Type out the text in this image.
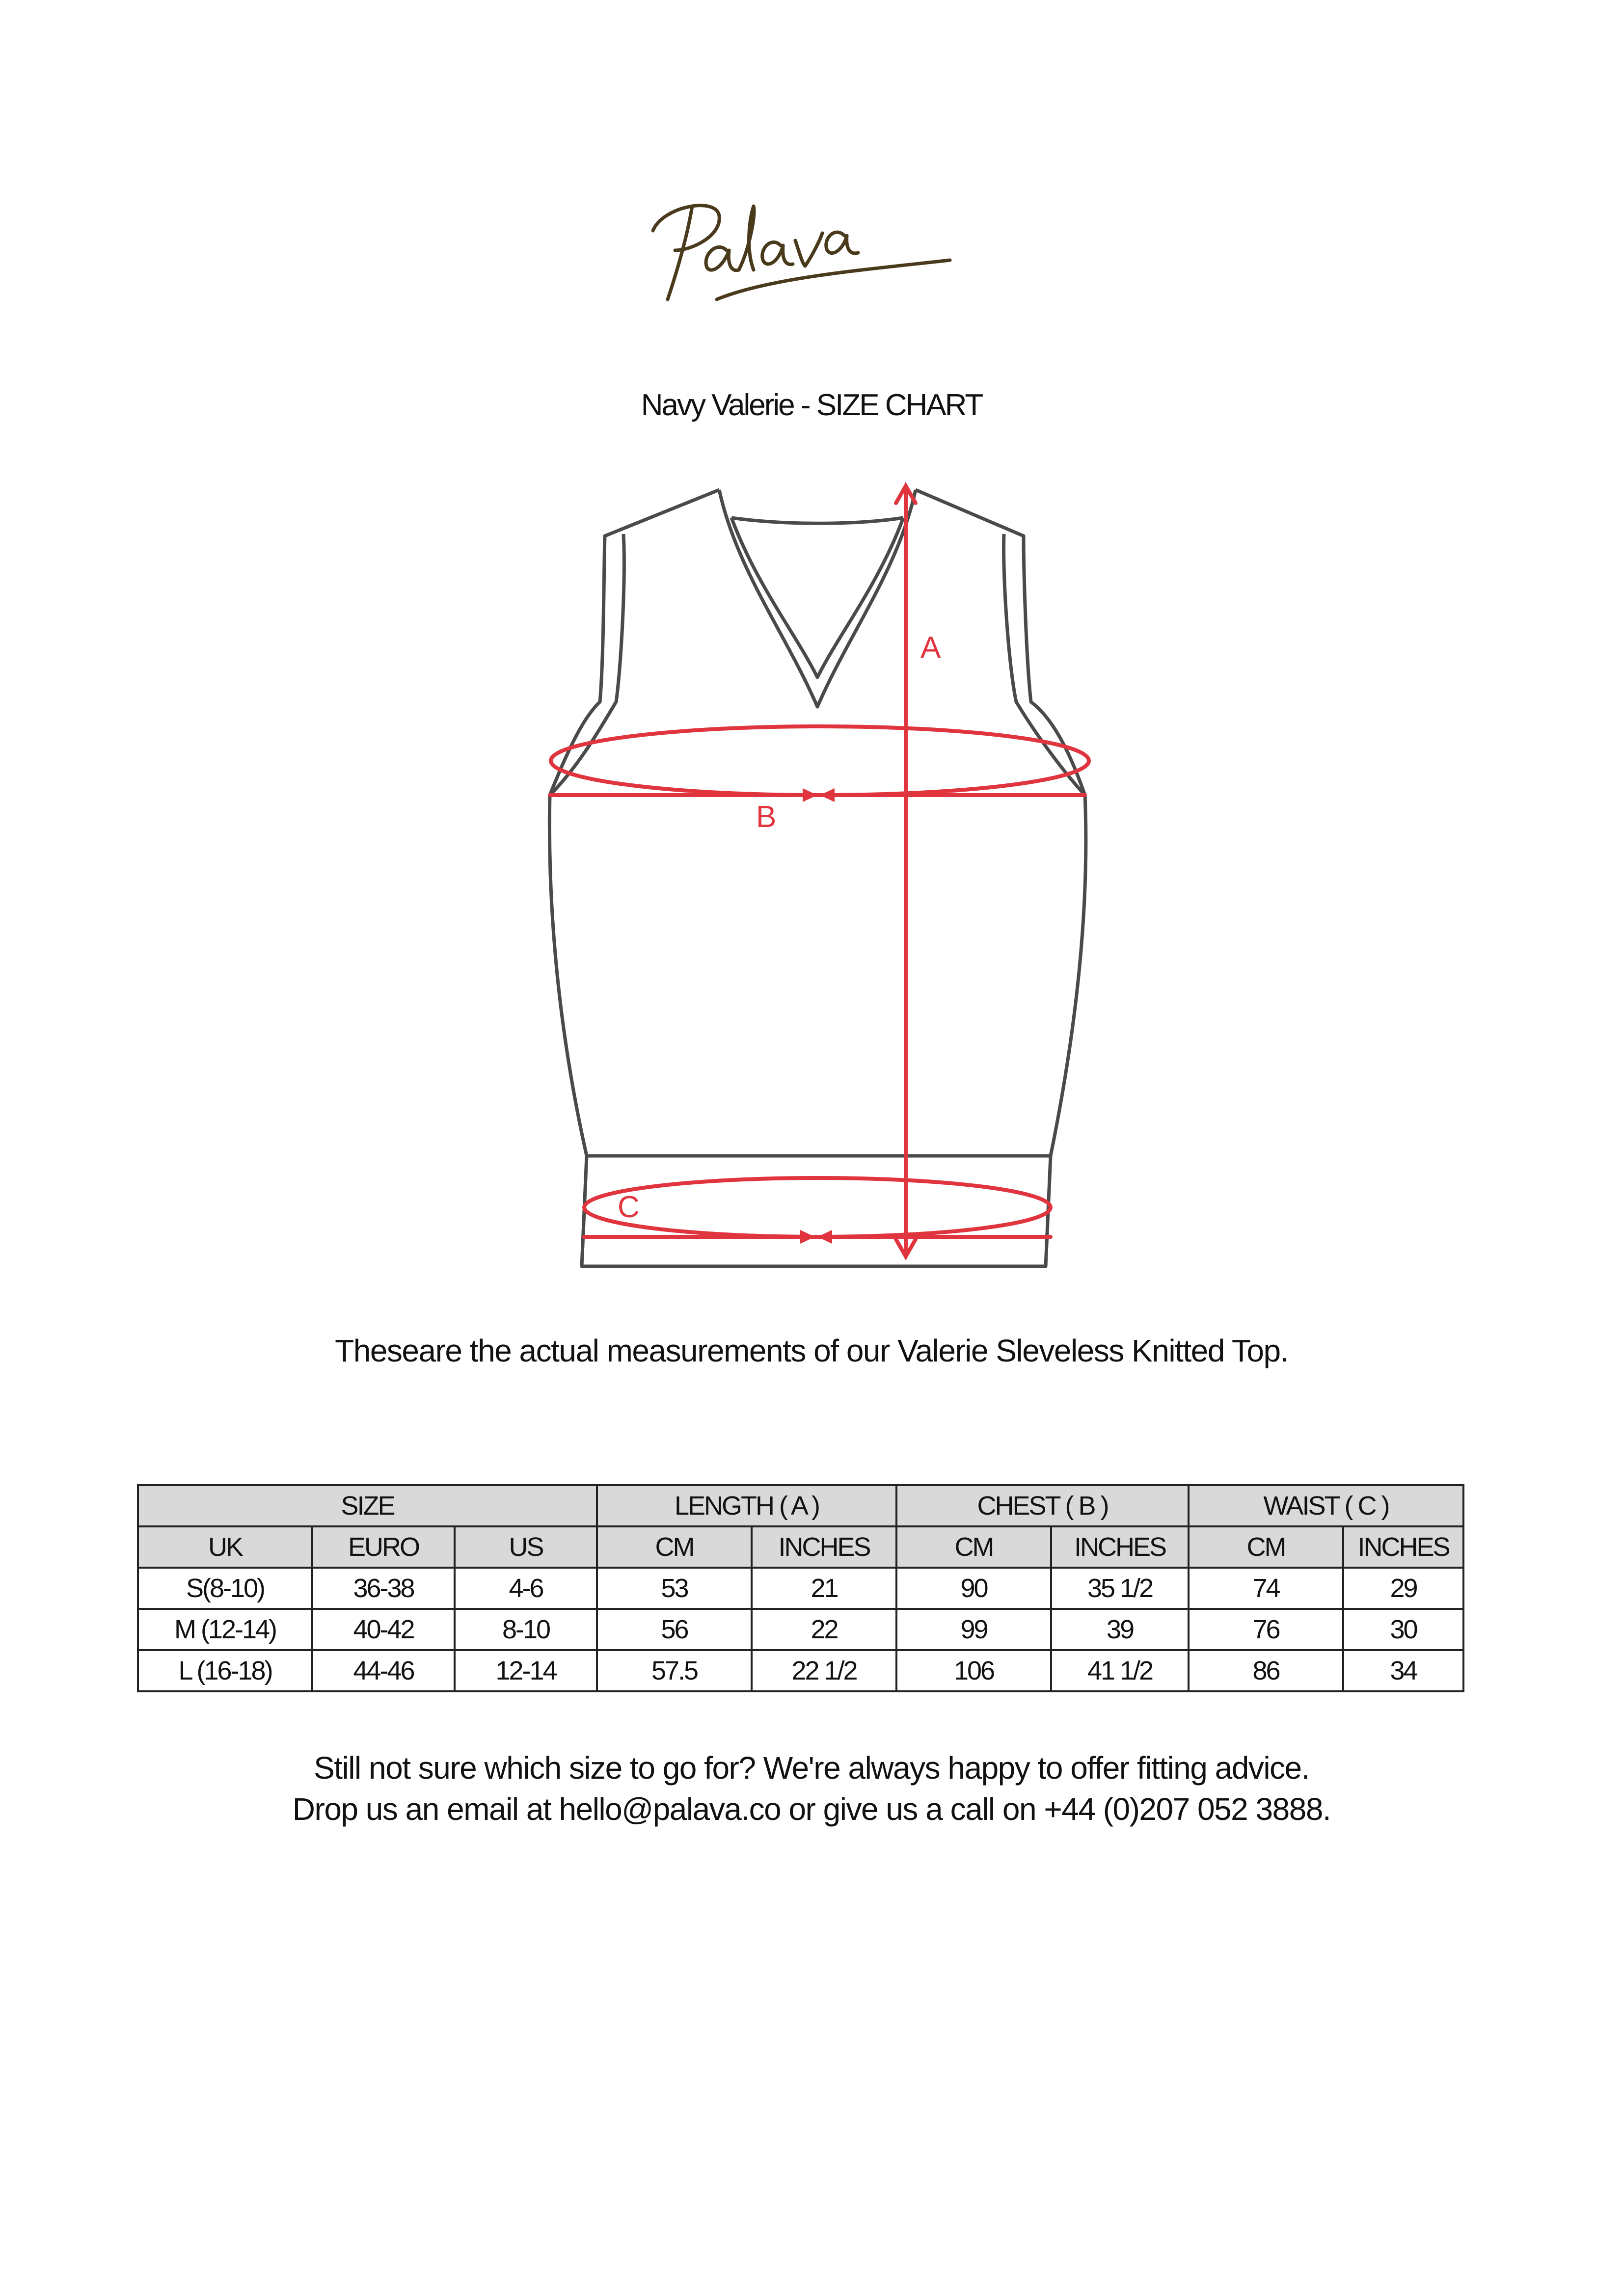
Navy Valerie - SIZE CHART
A
B
C
Theseare the actual measurements of our Valerie Sleveless Knitted Top.
SIZE			LENGTH ( A )		CHEST ( B )		WAIST ( C )	
UK	EURO	US	CM	INCHES	CM	INCHES	CM	INCHES
S(8-10)	36-38	4-6	53	21	90	35 1/2	74	29
M (12-14)	40-42	8-10	56	22	99	39	76	30
L (16-18)	44-46	12-14	57.5	22 1/2	106	41 1/2	86	34
Still not sure which size to go for? We're always happy to offer fitting advice.
Drop us an email at hello@palava.co or give us a call on +44 (0)207 052 3888.
